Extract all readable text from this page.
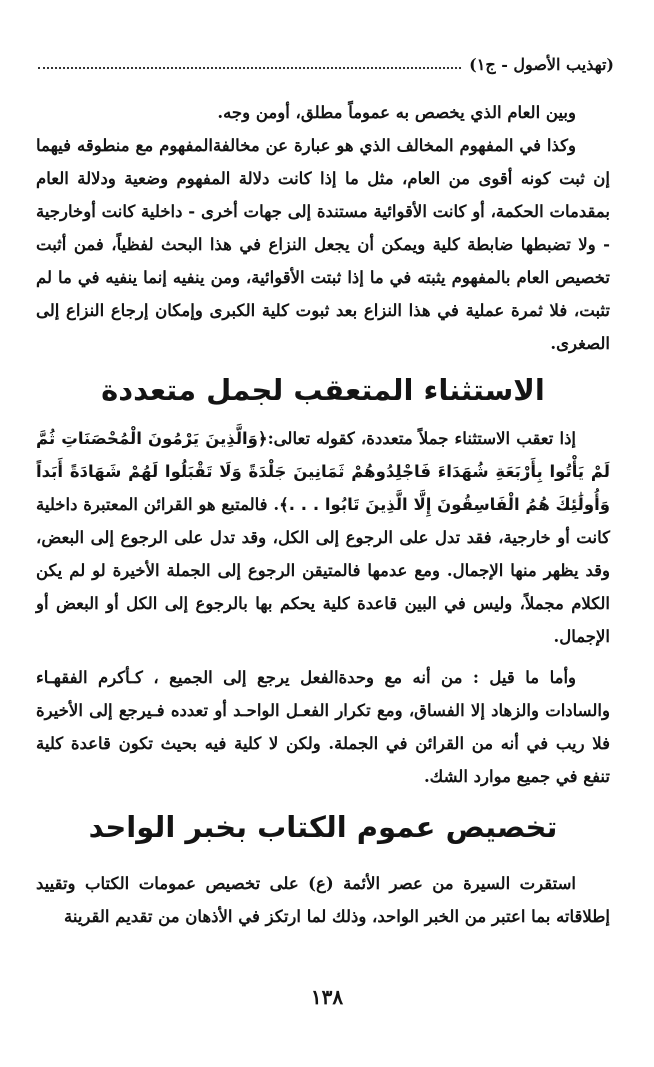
(تهذيب الأصول - ج١)

وبين العام الذي يخصص به عموماً مطلق، أومن وجه.

وكذا في المفهوم المخالف الذي هو عبارة عن مخالفةالمفهوم مع منطوقه فيهما إن ثبت كونه أقوى من العام، مثل ما إذا كانت دلالة المفهوم وضعية ودلالة العام بمقدمات الحكمة، أو كانت الأقوائية مستندة إلى جهات أخرى - داخلية كانت أوخارجية - ولا تضبطها ضابطة كلية ويمكن أن يجعل النزاع في هذا البحث لفظياً، فمن أثبت تخصيص العام بالمفهوم يثبته في ما إذا ثبتت الأقوائية، ومن ينفيه إنما ينفيه في ما لم تثبت، فلا ثمرة عملية في هذا النزاع بعد ثبوت كلية الكبرى وإمكان إرجاع النزاع إلى الصغرى.

الاستثناء المتعقب لجمل متعددة

إذا تعقب الاستثناء جملاً متعددة، كقوله تعالى:﴿وَالَّذِينَ يَرْمُونَ الْمُحْصَنَاتِ ثُمَّ لَمْ يَأْتُوا بِأَرْبَعَةِ شُهَدَاءَ فَاجْلِدُوهُمْ ثَمَانِينَ جَلْدَةً وَلَا تَقْبَلُوا لَهُمْ شَهَادَةً أَبَداً وَأُولَٰئِكَ هُمُ الْفَاسِقُونَ إِلَّا الَّذِينَ تَابُوا . . .﴾. فالمتبع هو القرائن المعتبرة داخلية كانت أو خارجية، فقد تدل على الرجوع إلى الكل، وقد تدل على الرجوع إلى البعض، وقد يظهر منها الإجمال. ومع عدمها فالمتيقن الرجوع إلى الجملة الأخيرة لو لم يكن الكلام مجملاً، وليس في البين قاعدة كلية يحكم بها بالرجوع إلى الكل أو البعض أو الإجمال.

وأما ما قيل : من أنه مع وحدةالفعل يرجع إلى الجميع ، كـأكرم الفقهـاء والسادات والزهاد إلا الفساق، ومع تكرار الفعـل الواحـد أو تعدده فـيرجع إلى الأخيرة فلا ريب في أنه من القرائن في الجملة. ولكن لا كلية فيه بحيث تكون قاعدة كلية تنفع في جميع موارد الشك.

تخصيص عموم الكتاب بخبر الواحد

استقرت السيرة من عصر الأئمة (ع) على تخصيص عمومات الكتاب وتقييد إطلاقاته بما اعتبر من الخبر الواحد، وذلك لما ارتكز في الأذهان من تقديم القرينة

١٣٨
